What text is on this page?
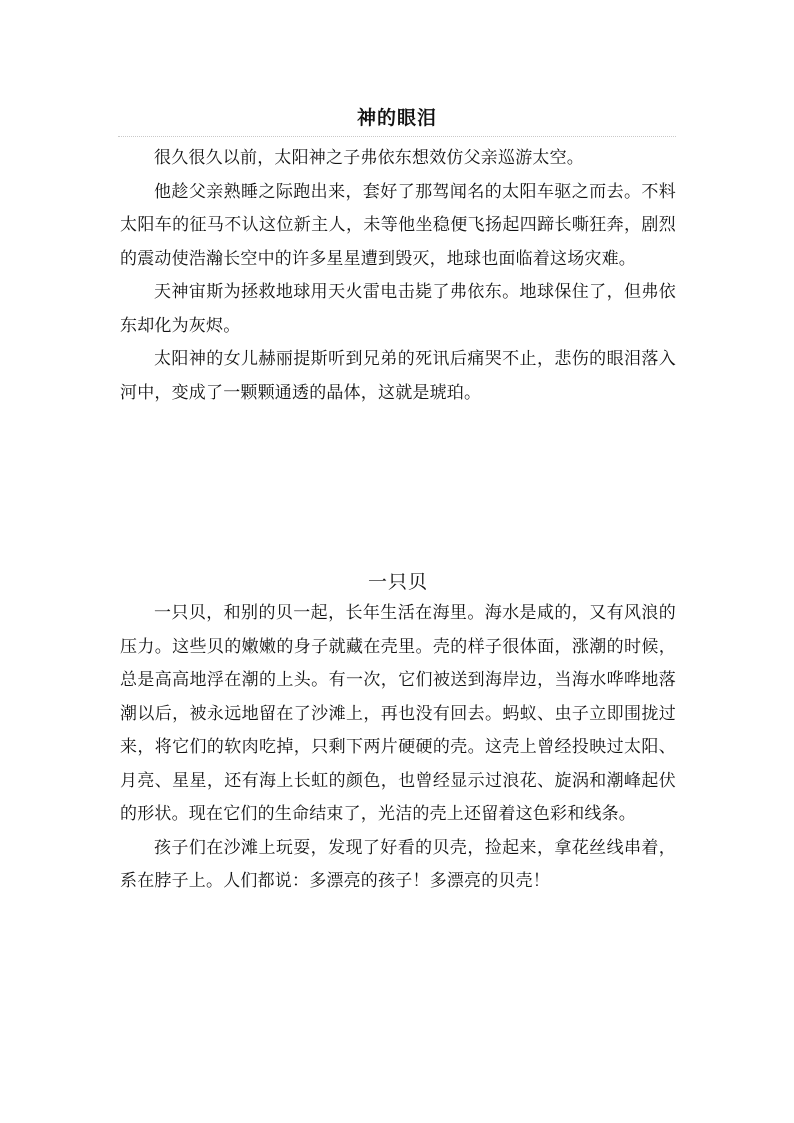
神的眼泪

很久很久以前，太阳神之子弗依东想效仿父亲巡游太空。

他趁父亲熟睡之际跑出来，套好了那驾闻名的太阳车驱之而去。不料太阳车的征马不认这位新主人，未等他坐稳便飞扬起四蹄长嘶狂奔，剧烈的震动使浩瀚长空中的许多星星遭到毁灭，地球也面临着这场灾难。

天神宙斯为拯救地球用天火雷电击毙了弗依东。地球保住了，但弗依东却化为灰烬。

太阳神的女儿赫丽提斯听到兄弟的死讯后痛哭不止，悲伤的眼泪落入河中，变成了一颗颗通透的晶体，这就是琥珀。

一只贝

一只贝，和别的贝一起，长年生活在海里。海水是咸的，又有风浪的压力。这些贝的嫩嫩的身子就藏在壳里。壳的样子很体面，涨潮的时候，总是高高地浮在潮的上头。有一次，它们被送到海岸边，当海水哗哗地落潮以后，被永远地留在了沙滩上，再也没有回去。蚂蚁、虫子立即围拢过来，将它们的软肉吃掉，只剩下两片硬硬的壳。这壳上曾经投映过太阳、月亮、星星，还有海上长虹的颜色，也曾经显示过浪花、旋涡和潮峰起伏的形状。现在它们的生命结束了，光洁的壳上还留着这色彩和线条。

孩子们在沙滩上玩耍，发现了好看的贝壳，捡起来，拿花丝线串着，系在脖子上。人们都说：多漂亮的孩子！多漂亮的贝壳！
